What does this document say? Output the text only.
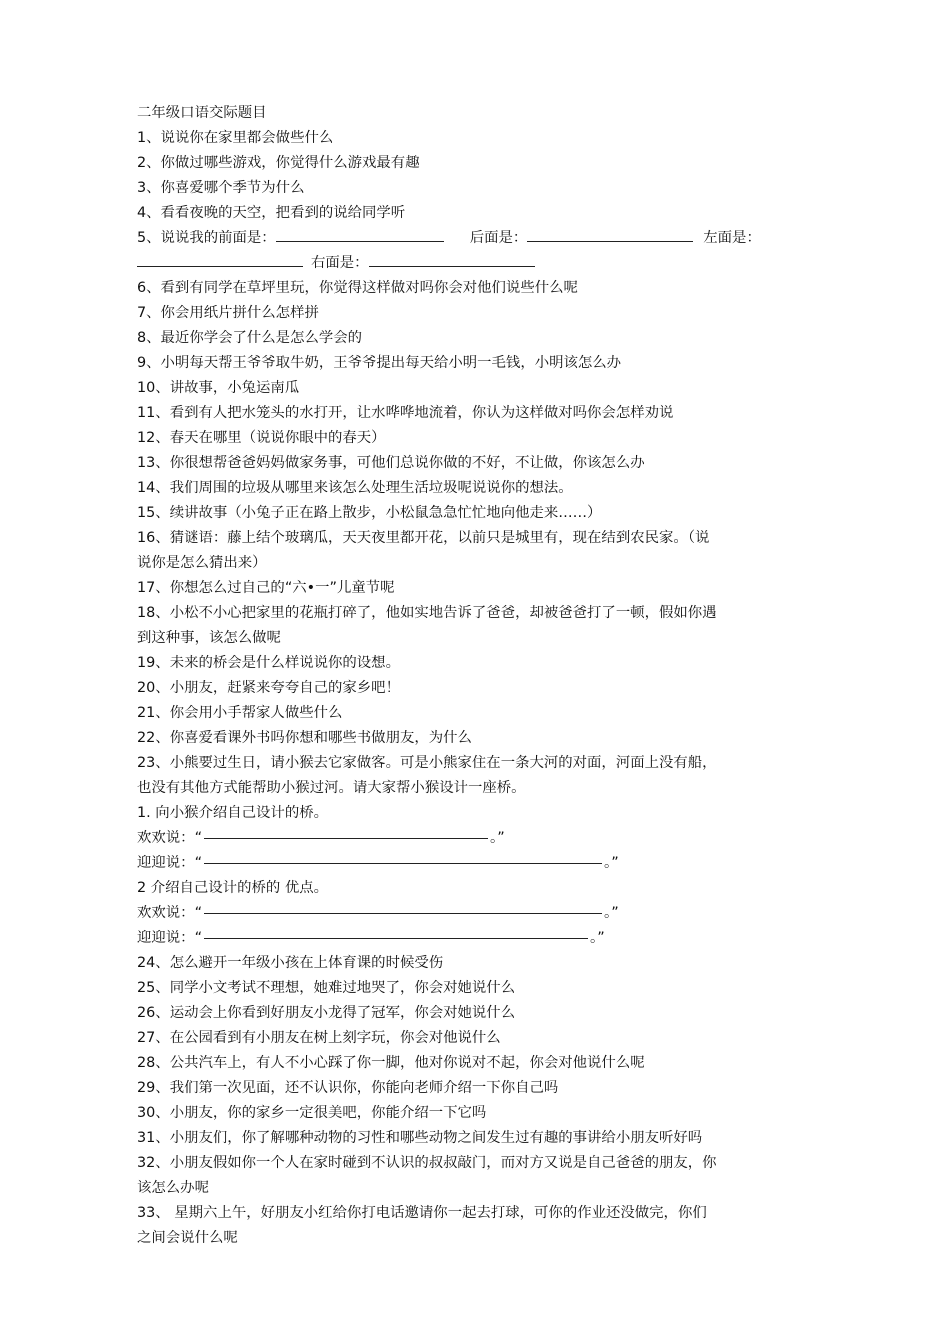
二年级口语交际题目
1、说说你在家里都会做些什么
2、你做过哪些游戏，你觉得什么游戏最有趣
3、你喜爱哪个季节为什么
4、看看夜晚的天空，把看到的说给同学听
5、说说我的前面是：	后面是：	左面是：
右面是：
6、看到有同学在草坪里玩，你觉得这样做对吗你会对他们说些什么呢
7、你会用纸片拼什么怎样拼
8、最近你学会了什么是怎么学会的
9、小明每天帮王爷爷取牛奶，王爷爷提出每天给小明一毛钱，小明该怎么办
10、讲故事，小兔运南瓜
11、看到有人把水笼头的水打开，让水哗哗地流着，你认为这样做对吗你会怎样劝说
12、春天在哪里（说说你眼中的春天）
13、你很想帮爸爸妈妈做家务事，可他们总说你做的不好，不让做，你该怎么办
14、我们周围的垃圾从哪里来该怎么处理生活垃圾呢说说你的想法。
15、续讲故事（小兔子正在路上散步，小松鼠急急忙忙地向他走来……）
16、猜谜语：藤上结个玻璃瓜，天天夜里都开花，以前只是城里有，现在结到农民家。（说
说你是怎么猜出来）
17、你想怎么过自己的“六•一”儿童节呢
18、小松不小心把家里的花瓶打碎了，他如实地告诉了爸爸，却被爸爸打了一顿，假如你遇
到这种事，该怎么做呢
19、未来的桥会是什么样说说你的设想。
20、小朋友，赶紧来夸夸自己的家乡吧！
21、你会用小手帮家人做些什么
22、你喜爱看课外书吗你想和哪些书做朋友，为什么
23、小熊要过生日，请小猴去它家做客。可是小熊家住在一条大河的对面，河面上没有船，
也没有其他方式能帮助小猴过河。请大家帮小猴设计一座桥。
1. 向小猴介绍自己设计的桥。
欢欢说：“	。”
迎迎说：“	。”
2 介绍自己设计的桥的 优点。
欢欢说：“	。”
迎迎说：“	。”
24、怎么避开一年级小孩在上体育课的时候受伤
25、同学小文考试不理想，她难过地哭了，你会对她说什么
26、运动会上你看到好朋友小龙得了冠军，你会对她说什么
27、在公园看到有小朋友在树上刻字玩，你会对他说什么
28、公共汽车上，有人不小心踩了你一脚，他对你说对不起，你会对他说什么呢
29、我们第一次见面，还不认识你，你能向老师介绍一下你自己吗
30、小朋友，你的家乡一定很美吧，你能介绍一下它吗
31、小朋友们，你了解哪种动物的习性和哪些动物之间发生过有趣的事讲给小朋友听好吗
32、小朋友假如你一个人在家时碰到不认识的叔叔敲门，而对方又说是自己爸爸的朋友，你
该怎么办呢
33、 星期六上午，好朋友小红给你打电话邀请你一起去打球，可你的作业还没做完，你们
之间会说什么呢
